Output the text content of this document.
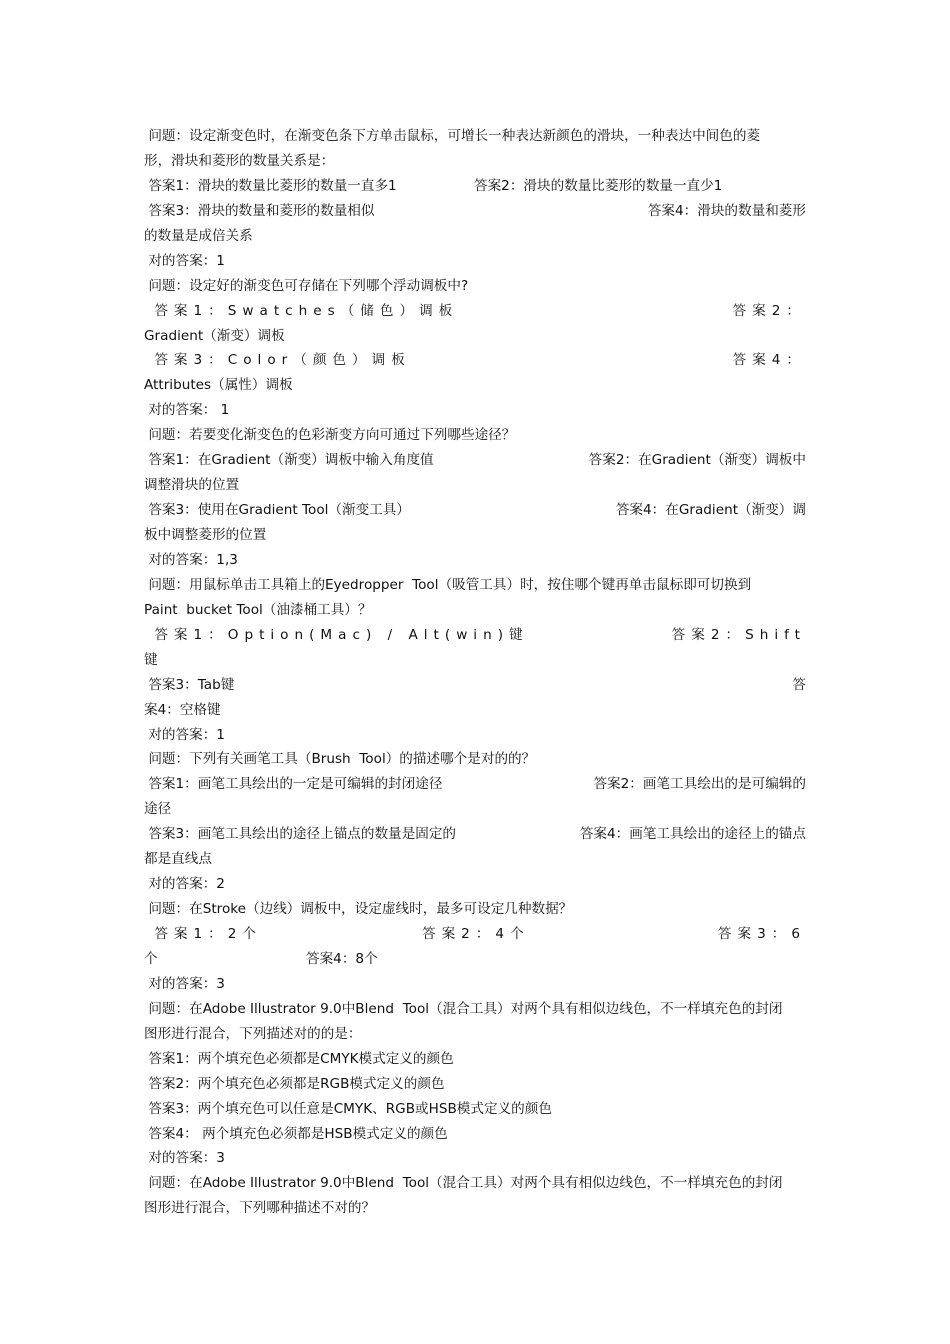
问题：设定渐变色时，在渐变色条下方单击鼠标，可增长一种表达新颜色的滑块，一种表达中间色的菱
形，滑块和菱形的数量关系是：
答案1：滑块的数量比菱形的数量一直多1	答案2：滑块的数量比菱形的数量一直少1
答案3：滑块的数量和菱形的数量相似	答案4：滑块的数量和菱形
的数量是成倍关系
对的答案：1
问题：设定好的渐变色可存储在下列哪个浮动调板中?
答案1：Swatches（储色）调板	答案2：
Gradient（渐变）调板
答案3：Color（颜色）调板	答案4：
Attributes（属性）调板
对的答案： 1
问题：若要变化渐变色的色彩渐变方向可通过下列哪些途径？
答案1：在Gradient（渐变）调板中输入角度值	答案2：在Gradient（渐变）调板中
调整滑块的位置
答案3：使用在Gradient Tool（渐变工具）	答案4：在Gradient（渐变）调
板中调整菱形的位置
对的答案：1,3
问题：用鼠标单击工具箱上的Eyedropper  Tool（吸管工具）时，按住哪个键再单击鼠标即可切换到
Paint  bucket Tool（油漆桶工具）？
答案1：Option(Mac) / Alt(win)键	答案2：Shift
键
答案3：Tab键	答
案4：空格键
对的答案：1
问题：下列有关画笔工具（Brush  Tool）的描述哪个是对的的？
答案1：画笔工具绘出的一定是可编辑的封闭途径	答案2：画笔工具绘出的是可编辑的
途径
答案3：画笔工具绘出的途径上锚点的数量是固定的	答案4：画笔工具绘出的途径上的锚点
都是直线点
对的答案：2
问题：在Stroke（边线）调板中，设定虚线时，最多可设定几种数据？
答案1：2个	答案2：4个	答案3：6
个	答案4：8个
对的答案：3
问题：在Adobe Illustrator 9.0中Blend  Tool（混合工具）对两个具有相似边线色，不一样填充色的封闭
图形进行混合，下列描述对的的是：
答案1：两个填充色必须都是CMYK模式定义的颜色
答案2：两个填充色必须都是RGB模式定义的颜色
答案3：两个填充色可以任意是CMYK、RGB或HSB模式定义的颜色
答案4： 两个填充色必须都是HSB模式定义的颜色
对的答案：3
问题：在Adobe Illustrator 9.0中Blend  Tool（混合工具）对两个具有相似边线色，不一样填充色的封闭
图形进行混合，下列哪种描述不对的？
